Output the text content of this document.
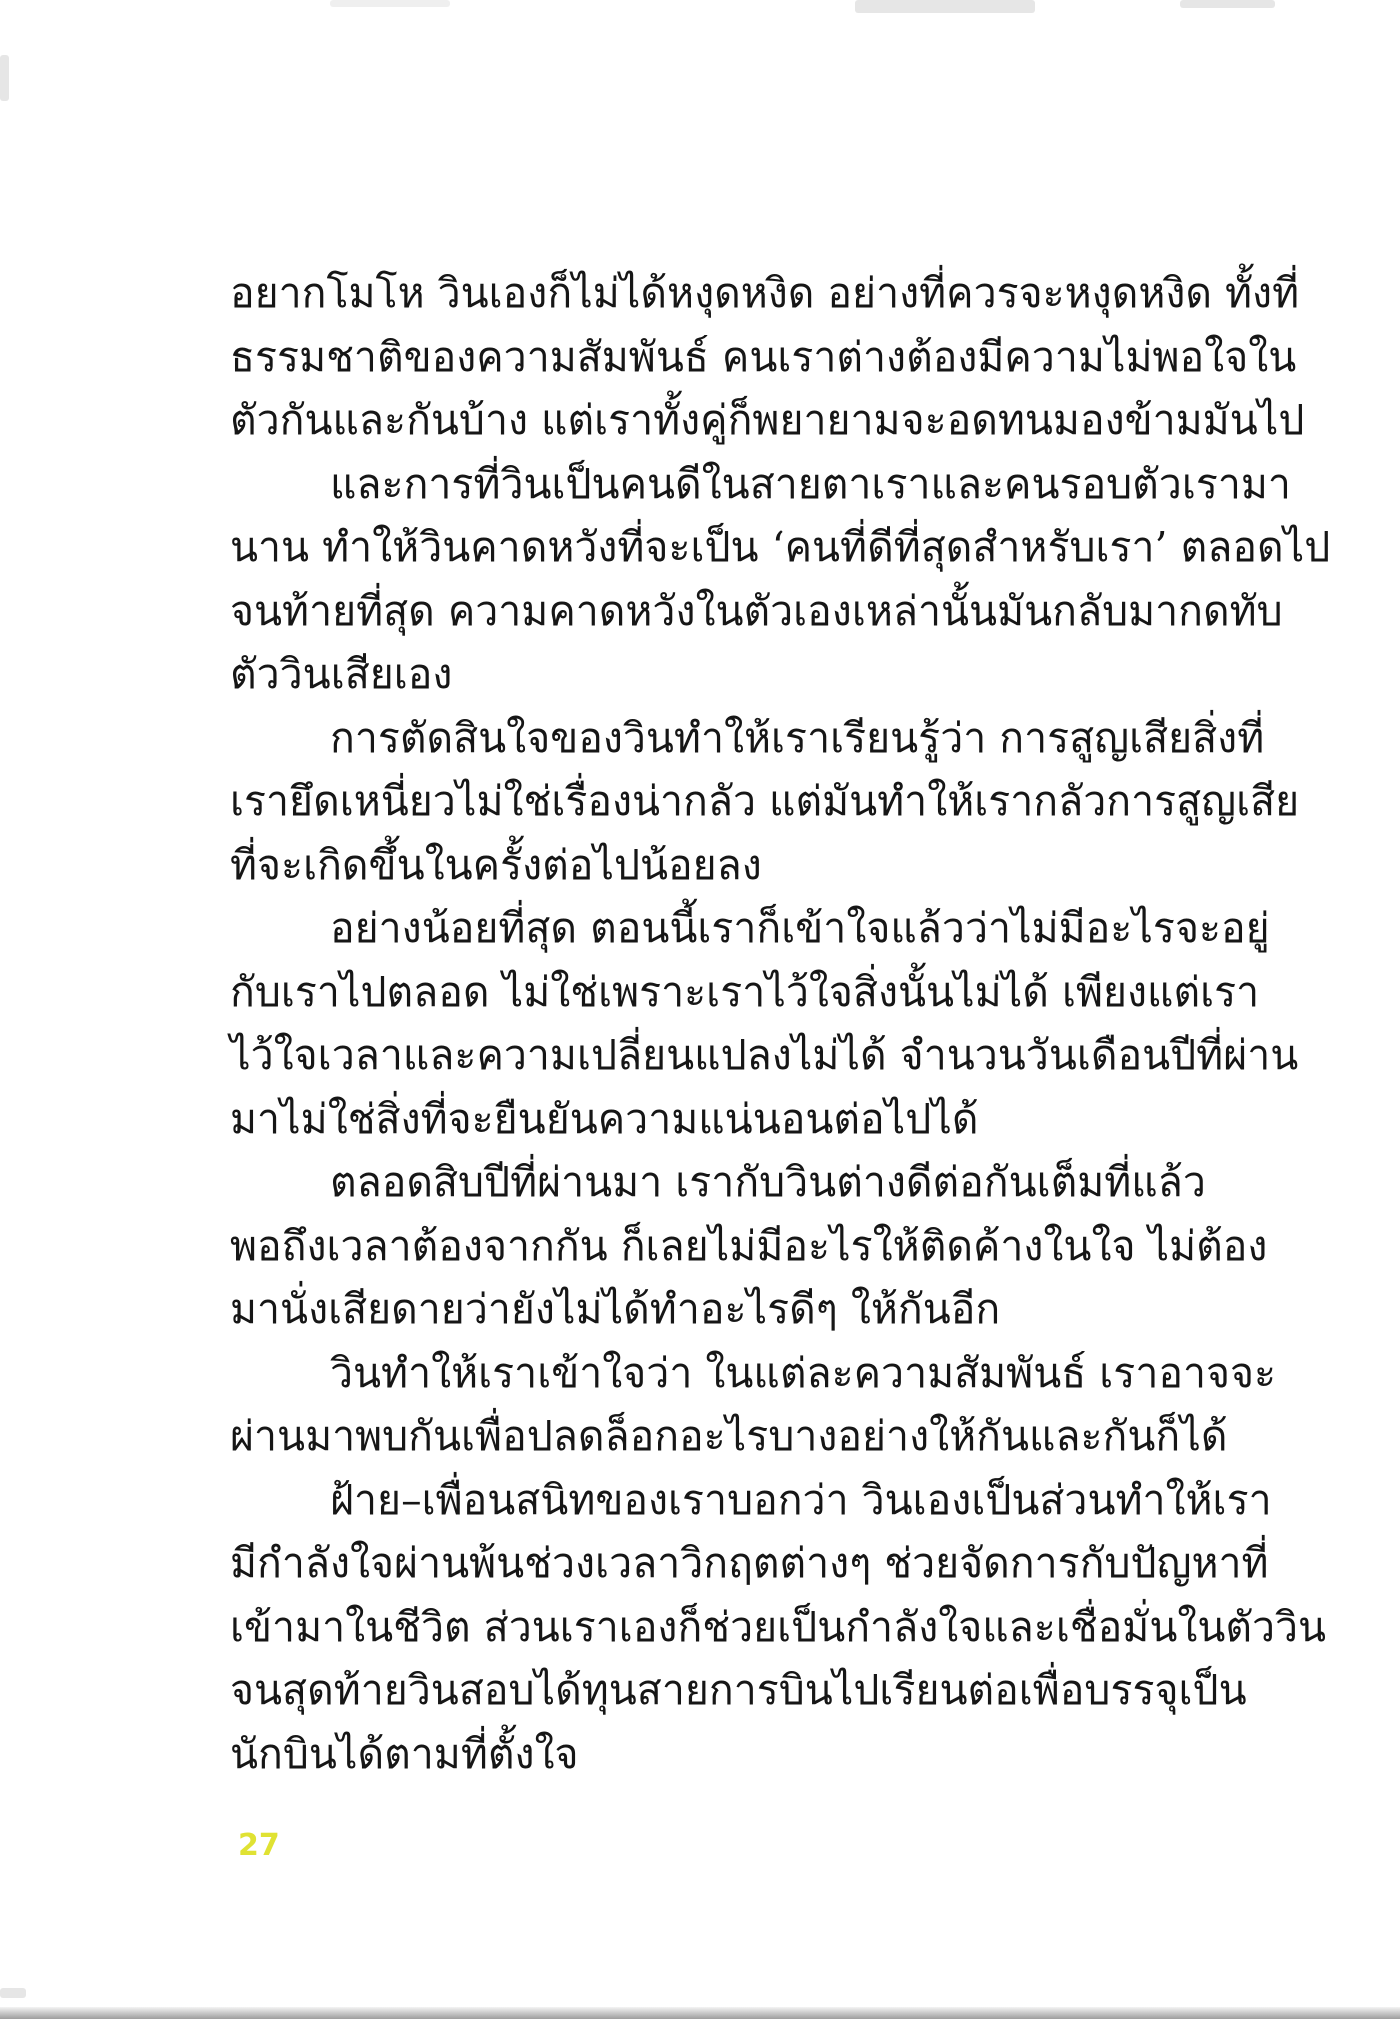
อยากโมโห วินเองก็ไม่ได้หงุดหงิด อย่างที่ควรจะหงุดหงิด ทั้งที่
ธรรมชาติของความสัมพันธ์ คนเราต่างต้องมีความไม่พอใจใน
ตัวกันและกันบ้าง แต่เราทั้งคู่ก็พยายามจะอดทนมองข้ามมันไป
และการที่วินเป็นคนดีในสายตาเราและคนรอบตัวเรามา
นาน ทำให้วินคาดหวังที่จะเป็น ‘คนที่ดีที่สุดสำหรับเรา’ ตลอดไป
จนท้ายที่สุด ความคาดหวังในตัวเองเหล่านั้นมันกลับมากดทับ
ตัววินเสียเอง
การตัดสินใจของวินทำให้เราเรียนรู้ว่า การสูญเสียสิ่งที่
เรายึดเหนี่ยวไม่ใช่เรื่องน่ากลัว แต่มันทำให้เรากลัวการสูญเสีย
ที่จะเกิดขึ้นในครั้งต่อไปน้อยลง
อย่างน้อยที่สุด ตอนนี้เราก็เข้าใจแล้วว่าไม่มีอะไรจะอยู่
กับเราไปตลอด ไม่ใช่เพราะเราไว้ใจสิ่งนั้นไม่ได้ เพียงแต่เรา
ไว้ใจเวลาและความเปลี่ยนแปลงไม่ได้ จำนวนวันเดือนปีที่ผ่าน
มาไม่ใช่สิ่งที่จะยืนยันความแน่นอนต่อไปได้
ตลอดสิบปีที่ผ่านมา เรากับวินต่างดีต่อกันเต็มที่แล้ว
พอถึงเวลาต้องจากกัน ก็เลยไม่มีอะไรให้ติดค้างในใจ ไม่ต้อง
มานั่งเสียดายว่ายังไม่ได้ทำอะไรดีๆ ให้กันอีก
วินทำให้เราเข้าใจว่า ในแต่ละความสัมพันธ์ เราอาจจะ
ผ่านมาพบกันเพื่อปลดล็อกอะไรบางอย่างให้กันและกันก็ได้
ฝ้าย–เพื่อนสนิทของเราบอกว่า วินเองเป็นส่วนทำให้เรา
มีกำลังใจผ่านพ้นช่วงเวลาวิกฤตต่างๆ ช่วยจัดการกับปัญหาที่
เข้ามาในชีวิต ส่วนเราเองก็ช่วยเป็นกำลังใจและเชื่อมั่นในตัววิน
จนสุดท้ายวินสอบได้ทุนสายการบินไปเรียนต่อเพื่อบรรจุเป็น
นักบินได้ตามที่ตั้งใจ
27
